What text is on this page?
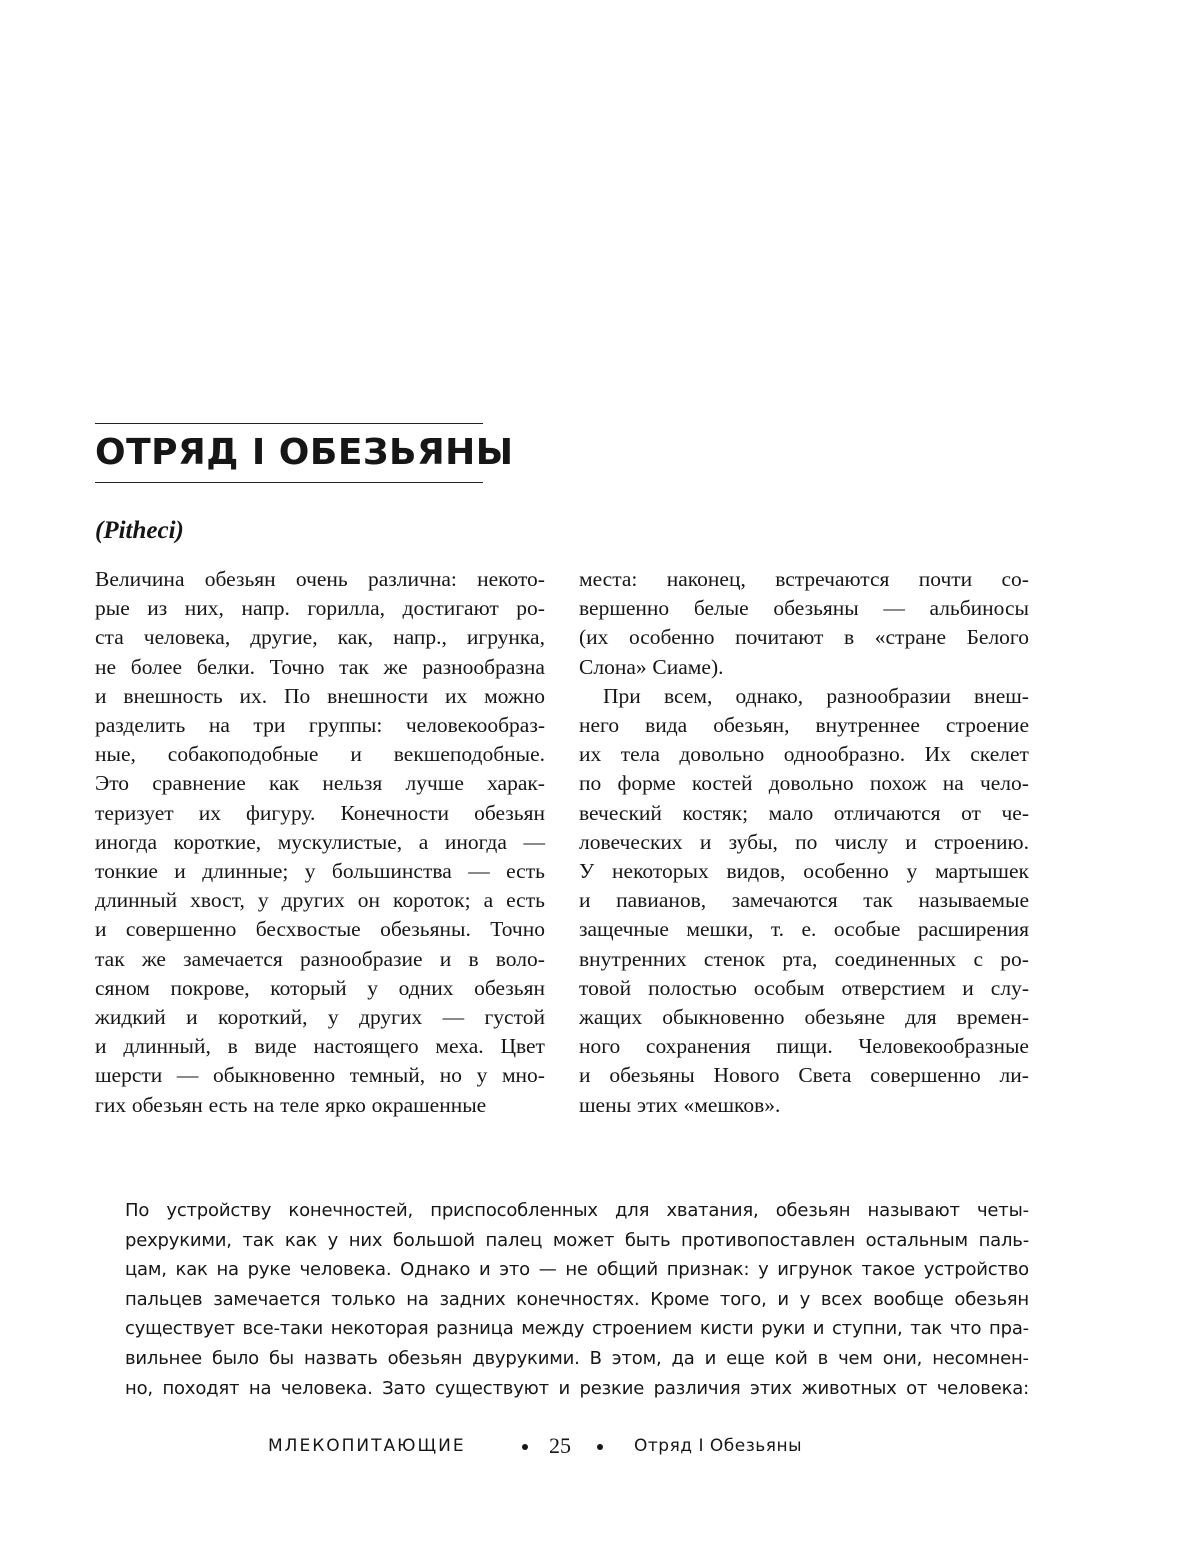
ОТРЯД I ОБЕЗЬЯНЫ

(Pitheci)

Величина обезьян очень различна: некото-
рые из них, напр. горилла, достигают ро-
ста человека, другие, как, напр., игрунка,
не более белки. Точно так же разнообразна
и внешность их. По внешности их можно
разделить на три группы: человекообраз-
ные, собакоподобные и векшеподобные.
Это сравнение как нельзя лучше харак-
теризует их фигуру. Конечности обезьян
иногда короткие, мускулистые, а иногда —
тонкие и длинные; у большинства — есть
длинный хвост, у других он короток; а есть
и совершенно бесхвостые обезьяны. Точно
так же замечается разнообразие и в воло-
сяном покрове, который у одних обезьян
жидкий и короткий, у других — густой
и длинный, в виде настоящего меха. Цвет
шерсти — обыкновенно темный, но у мно-
гих обезьян есть на теле ярко окрашенные
места: наконец, встречаются почти со-
вершенно белые обезьяны — альбиносы
(их особенно почитают в «стране Белого
Слона» Сиаме).
При всем, однако, разнообразии внеш-
него вида обезьян, внутреннее строение
их тела довольно однообразно. Их скелет
по форме костей довольно похож на чело-
веческий костяк; мало отличаются от че-
ловеческих и зубы, по числу и строению.
У некоторых видов, особенно у мартышек
и павианов, замечаются так называемые
защечные мешки, т. е. особые расширения
внутренних стенок рта, соединенных с ро-
товой полостью особым отверстием и слу-
жащих обыкновенно обезьяне для времен-
ного сохранения пищи. Человекообразные
и обезьяны Нового Света совершенно ли-
шены этих «мешков».
По устройству конечностей, приспособленных для хватания, обезьян называют четы-
рехрукими, так как у них большой палец может быть противопоставлен остальным паль-
цам, как на руке человека. Однако и это — не общий признак: у игрунок такое устройство
пальцев замечается только на задних конечностях. Кроме того, и у всех вообще обезьян
существует все-таки некоторая разница между строением кисти руки и ступни, так что пра-
вильнее было бы назвать обезьян двурукими. В этом, да и еще кой в чем они, несомнен-
но, походят на человека. Зато существуют и резкие различия этих животных от человека:
МЛЕКОПИТАЮЩИЕ	25	Отряд I Обезьяны
